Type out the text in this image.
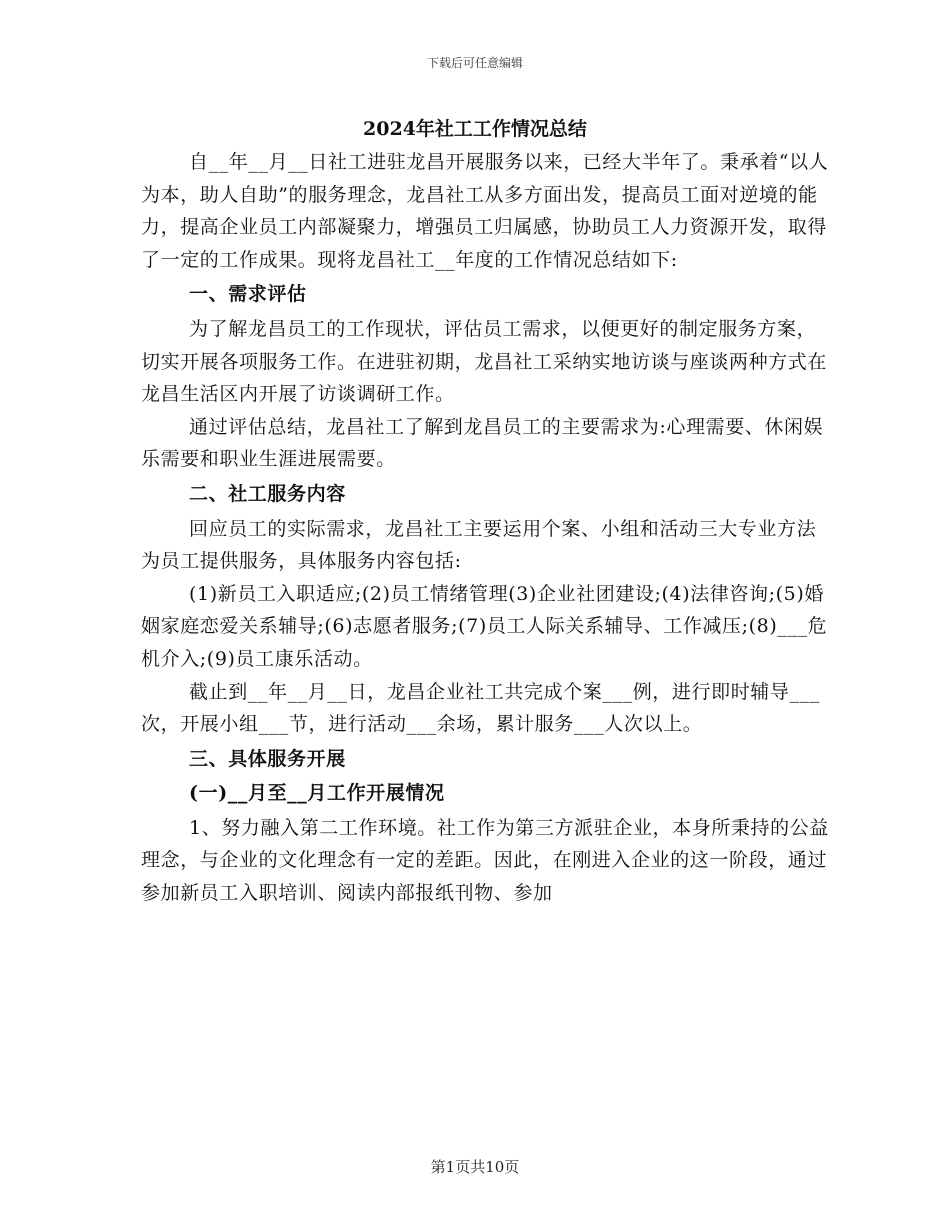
下载后可任意编辑
2024年社工工作情况总结

自__年__月__日社工进驻龙昌开展服务以来，已经大半年了。秉承着“以人为本，助人自助”的服务理念，龙昌社工从多方面出发，提高员工面对逆境的能力，提高企业员工内部凝聚力，增强员工归属感，协助员工人力资源开发，取得了一定的工作成果。现将龙昌社工__年度的工作情况总结如下:

一、需求评估

为了解龙昌员工的工作现状，评估员工需求，以便更好的制定服务方案，切实开展各项服务工作。在进驻初期，龙昌社工采纳实地访谈与座谈两种方式在龙昌生活区内开展了访谈调研工作。

通过评估总结，龙昌社工了解到龙昌员工的主要需求为:心理需要、休闲娱乐需要和职业生涯进展需要。

二、社工服务内容

回应员工的实际需求，龙昌社工主要运用个案、小组和活动三大专业方法为员工提供服务，具体服务内容包括:

(1)新员工入职适应;(2)员工情绪管理(3)企业社团建设;(4)法律咨询;(5)婚姻家庭恋爱关系辅导;(6)志愿者服务;(7)员工人际关系辅导、工作减压;(8)___危机介入;(9)员工康乐活动。

截止到__年__月__日，龙昌企业社工共完成个案___例，进行即时辅导___次，开展小组___节，进行活动___余场，累计服务___人次以上。

三、具体服务开展

(一)__月至__月工作开展情况

1、努力融入第二工作环境。社工作为第三方派驻企业，本身所秉持的公益理念，与企业的文化理念有一定的差距。因此，在刚进入企业的这一阶段，通过参加新员工入职培训、阅读内部报纸刊物、参加

第1页共10页
